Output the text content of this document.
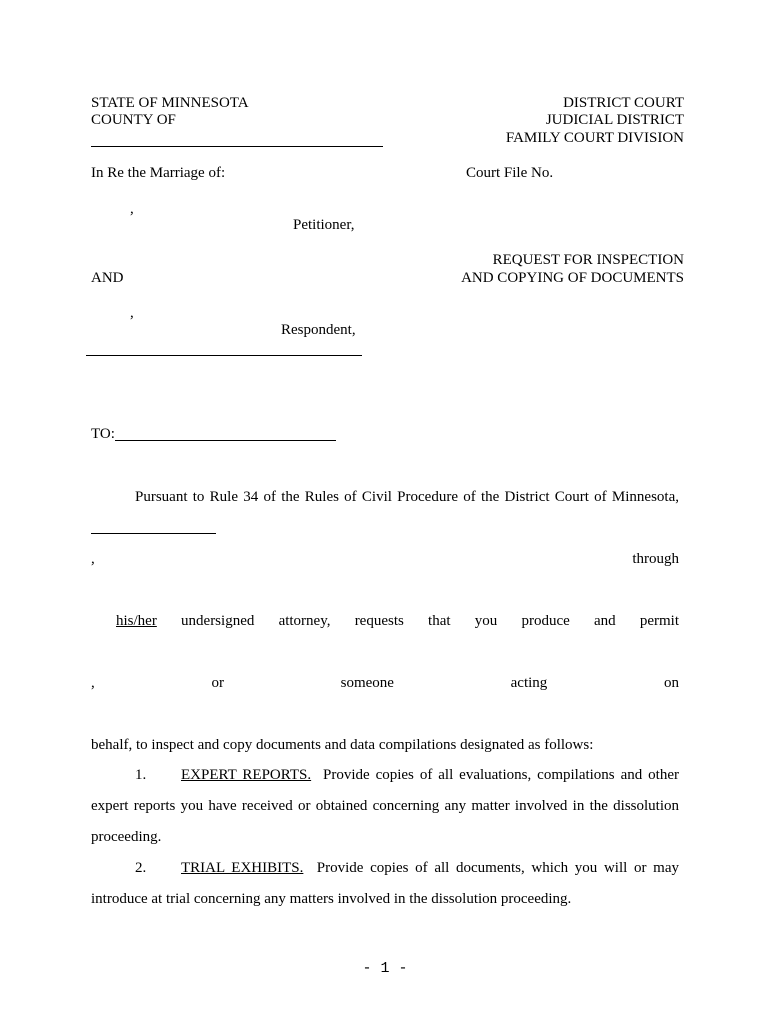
STATE OF MINNESOTA
COUNTY OF
DISTRICT COURT
JUDICIAL DISTRICT
FAMILY COURT DIVISION
In Re the Marriage of:	Court File No.
,
Petitioner,
REQUEST FOR INSPECTION
AND COPYING OF DOCUMENTS
AND
,
Respondent,
TO:
Pursuant to Rule 34 of the Rules of Civil Procedure of the District Court of Minnesota,
,	through
his/her undersigned attorney, requests that you produce and permit
,	or	someone	acting	on
behalf, to inspect and copy documents and data compilations designated as follows:
1. EXPERT REPORTS. Provide copies of all evaluations, compilations and other expert reports you have received or obtained concerning any matter involved in the dissolution proceeding.
2. TRIAL EXHIBITS. Provide copies of all documents, which you will or may introduce at trial concerning any matters involved in the dissolution proceeding.
- 1 -
